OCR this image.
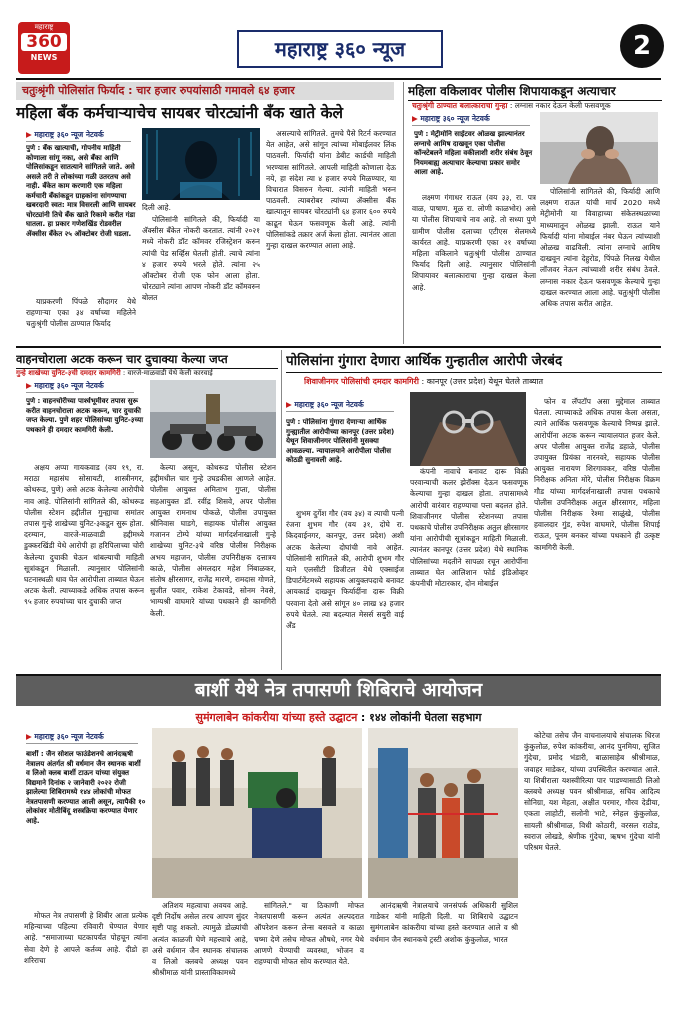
महाराष्ट्र
360
NEWS	महाराष्ट्र ३६० न्यूज	2
चतुःश्रृंगी पोलिसांत फिर्याद : चार हजार रुपयांसाठी गमावले ६४ हजार
महिला बँक कर्मचाऱ्याचेच सायबर चोरट्यांनी बँक खाते केले
▶ महाराष्ट्र ३६० न्यूज नेटवर्क
पुणे : बँक खात्याची, गोपनीय माहिती कोणाला सांगू नका, असे बँका आणि पोलिसांकडून सातत्याने सांगितले जाते. असे असले तरी ते लोकांच्या गळी उतरतच असे नाही. बँकेत काम करणारी एक महिला कर्मचारी बँकांकडून ग्राहकांना सांगण्याचा खबरदारी स्वत: मात्र विसरली आणि सायबर चोरट्यांनी तिचे बँक खाते रिकामे करीत गंडा घातला. हा प्रकार गणेशखिंड रोडवरील ॲक्सीस बँकेत २५ ऑक्टोबर रोजी घडला.

याप्रकरणी पिंपळे सौदागर येथे राहणाऱ्या एका ३४ वर्षाच्या महिलेने चतुःश्रृंगी पोलीस ठाण्यात फिर्याद

दिली आहे.

पोलिसांनी सांगितले की, फिर्यादी या ॲक्सीस बँकेत नोकरी करतात. त्यांनी २०२१ मध्ये नोकरी डॉट कॉमवर रजिस्ट्रेशन करुन त्यांची पेड सर्व्हिस घेतली होती. त्याचे त्यांना ४ हजार रुपये भरले होते. त्यांना २५ ऑक्टोबर रोजी एक फोन आला होता. चोरट्याने त्यांना आपण नोकरी डॉट कॉमवरुन बोलत

असल्याचे सांगितले. तुमचे पैसे रिटर्न करण्यात येत आहेत, असे सांगून त्यांच्या मोबाईलवर लिंक पाठवली. फिर्यादी यांना डेबीट कार्डची माहिती भरण्यास सांगितले. आपली माहिती कोणाला देऊ नये, हा संदेश त्या ४ हजार रुपये मिळण्यार, या विचारात विसरुन गेल्या. त्यांनी माहिती भरुन पाठवली. त्याबरोबर त्यांच्या ॲक्सीस बँक खात्यातून सायबर चोरट्यांनी ६४ हजार ६०० रुपये काढून घेऊन फसवणूक केली आहे. त्यांनी पोलिसांकडे तक्रार अर्ज केला होता. त्यानंतर आता गुन्हा दाखल करण्यात आला आहे.

महिला वकिलावर पोलीस शिपायाकडून अत्याचार
चतुःश्रृंगी ठाण्यात बलात्काराचा गुन्हा : लग्नास नकार देऊन केली फसवणूक
▶ महाराष्ट्र ३६० न्यूज नेटवर्क
पुणे : मेट्रीमोनि साईटवर ओळख झाल्यानंतर लग्नाचे आमिष दाखवून एका पोलीस कॉन्स्टेबलने महिला वकीलाशी शरीर संबंध ठेवून नियमबाह्य अत्याचार केल्याचा प्रकार समोर आला आहे.

लक्ष्मण गंगाधर राऊत (वय ३३, रा. पत्र वाळ, पाषाण. मूळ रा. लोणी काळभोर) असे या पोलीस शिपायाचे नाव आहे. तो सध्या पुणे ग्रामीण पोलीस दलाच्या एटीएस सेलमध्ये कार्यरत आहे. याप्रकरणी एका २१ वर्षाच्या महिला वकिलाने चतुःश्रृंगी पोलीस ठाण्यात फिर्याद दिली आहे. त्यानुसार पोलिसांनी शिपायावर बलात्काराचा गुन्हा दाखल केला आहे.

पोलिसांनी सांगितले की, फिर्यादी आणि लक्ष्मण राऊत यांची मार्च 2020 मध्ये मेट्रीमोनी या विवाहाच्या संकेतस्थळाच्या माध्यमातून ओळख झाली. राऊत याने फिर्यादी यांना मोबाईल नंबर घेऊन त्यांच्याशी ओळख वाढविली. त्यांना लग्नाचे आमिष दाखवून त्यांना देहुरोड, पिंपळे निलख येथील लॉजवर नेऊन त्यांच्याशी शरीर संबंध ठेवले. लग्नास नकार देऊन फसवणूक केल्याचे गुन्हा दाखल करण्यात आला आहे. चतुःश्रृंगी पोलीस अधिक तपास करीत आहेत.

वाहनचोराला अटक करून चार दुचाक्या केल्या जप्त
गुन्हे शाखेच्या युनिट-३ची दमदार कामगिरी : वारजे-माळवाडी येथे केली कारवाई
▶ महाराष्ट्र ३६० न्यूज नेटवर्क
पुणे : वाहनचोरीच्या पार्श्वभूमीवर तपास सुरू करीत वाहनचोराला अटक करून, चार दुचाकी जप्त केल्या. पुणे शहर पोलिसांच्या युनिट-३च्या पथकाने ही दमदार कामगिरी केली.

अक्षय अप्पा गायकवाड (वय १९, रा. मराठा महासंघ सोसायटी, शास्त्रीनगर, कोथरूड, पुणे) असे अटक केलेल्या आरोपीचे नाव आहे. पोलिसांनी सांगितले की, कोथरूड पोलीस स्टेशन हद्दीतील गुन्ह्याचा समांतर तपास गुन्हे शाखेच्या युनिट-३कडून सुरू होता. दरम्यान, वारजे-माळवाडी हद्दीमध्ये डुक्करखिंडी येथे आरोपी हा हरिपिलाच्या चोरी केलेल्या दुचाकी घेऊन थांबल्याची माहिती सूत्रांकडून मिळाली. त्यानुसार पोलिसांनी घटनास्थळी धाव घेत आरोपीला ताब्यात घेऊन अटक केली. त्याच्याकडे अधिक तपास करून ९५ हजार रुपयांच्या चार दुचाकी जप्त

केल्या असून, कोथरूड पोलीस स्टेशन हद्दीमधील चार गुन्हे उघडकीस आणले आहेत. पोलीस आयुक्त अमिताभ गुप्ता, पोलीस सहआयुक्त डॉ. रवींद्र शिसवे, अपर पोलीस आयुक्त रामनाथ पोकळे, पोलीस उपायुक्त श्रीनिवास घाडगे, सहायक पोलीस आयुक्त गजानन टोम्पे यांच्या मार्गदर्शनाखाली गुन्हे शाखेच्या युनिट-३चे वरिष्ठ पोलीस निरीक्षक अभय महाजन, पोलीस उपनिरीक्षक दत्तात्रय काळे, पोलीस अंमलदार महेश निंबाळकर, संतोष क्षीरसागर, राजेंद्र मारणे, रामदास गोणते, सुजीत पवार, राकेश टेकावडे, सोनम नेवसे, भाग्यश्री वाघमारे यांच्या पथकाने ही कामगिरी केली.

पोलिसांना गुंगारा देणारा आर्थिक गुन्हातील आरोपी जेरबंद
शिवाजीनगर पोलिसांची दमदार कामगिरी : कानपूर (उत्तर प्रदेश) येथून घेतले ताब्यात
▶ महाराष्ट्र ३६० न्यूज नेटवर्क
पुणे : पोलिसांना गुंगारा देणाऱ्या आर्थिक गुन्ह्यातील आरोपीच्या कानपूर (उत्तर प्रदेश) येथून शिवाजीनगर पोलिसांनी मुसक्या आवळल्या. न्यायालयाने आरोपीला पोलीस कोठडी सुनावली आहे.

शुभम दुर्गेश गौर (वय ३४) व त्याची पत्नी रंजना शुभम गौर (वय ३१, दोघे रा. किदवाईनगर, कानपूर, उत्तर प्रदेश) अशी अटक केलेल्या दोघांची नावे आहेत. पोलिसांनी सांगितले की, आरोपी शुभम गौर याने एलसीटी डिजीटल येथे एक्साईज डिपार्टमेंटमध्ये सहायक आयुक्तपदाचे बनावट आयकार्ड दाखवून फिर्यादींना दारू विक्री परवाना देतो असे सांगून ४० लाख ४३ हजार रुपये घेतले. त्या बदल्यात मेसर्स सयुरी वाई ॲंड

कंपनी नावाचे बनावट दारू विक्री परवान्याची कलर झेरॉक्स देऊन फसवणूक केल्याचा गुन्हा दाखल होता. तपासामध्ये आरोपी वारंवार राहण्याचा पत्ता बदलत होते. शिवाजीनगर पोलीस स्टेशनच्या तपास पथकाचे पोलीस उपनिरीक्षक अतुल क्षीरसागर यांना आरोपीची सूत्रांकडून माहिती मिळाली. त्यानंतर कानपूर (उत्तर प्रदेश) येथे स्थानिक पोलिसांच्या मदतीने सापळा रचून आरोपींना ताब्यात घेत आलिशान फोर्ड इंडिओव्हर कंपनीची मोटारकार, दोन मोबाईल

फोन व लॅपटॉप असा मुद्देमाल ताब्यात घेतला. त्याच्याकडे अधिक तपास केला असता, त्याने आर्थिक फसवणूक केल्याचे निष्पन्न झाले. आरोपींना अटक करून न्यायालयात हजर केले. अपर पोलीस आयुक्त राजेंद्र डहाळे, पोलीस उपायुक्त प्रियंका नारनवरे, सहायक पोलीस आयुक्त नारायण शिरगावकर, वरिष्ठ पोलीस निरीक्षक अनिता मोरे, पोलीस निरीक्षक विक्रम गौड यांच्या मार्गदर्शनाखाली तपास पथकाचे पोलीस उपनिरीक्षक अतुल क्षीरसागर, महिला पोलीस निरीक्षक रेश्मा साळुंखे, पोलीस हवालदार गुंड, रुपेश वाघमारे, पोलीस शिपाई राऊत, पूनम बनकर यांच्या पथकाने ही उत्कृष्ट कामगिरी केली.

बार्शी येथे नेत्र तपासणी शिबिराचे आयोजन
सुमंगलाबेन कांकरीया यांच्या हस्ते उद्घाटन : १४४ लोकांनी घेतला सहभाग
▶ महाराष्ट्र ३६० न्यूज नेटवर्क
बार्शी : जैन सोशल फाउंडेशनचे आनंदऋषी नेत्रालय अंतर्गत श्री वर्धमान जैन स्थानक बार्शी व लिओ क्लब बार्शी टाऊन यांच्या संयुक्त विद्यमाने दिनांक २ जानेवारी २०२२ रोजी झालेल्या शिबिरामध्ये १४४ लोकांची मोफत नेत्रतपासणी करण्यात आली असून, त्यापैकी १० लोकांवर मोतीबिंदू शस्त्रक्रिया करण्यात येणार आहे.

मोफत नेत्र तपासणी हे शिबीर आता प्रत्येक महिन्याच्या पहिल्या रविवारी घेण्यात येणार आहे. "समाजाच्या घटकापर्यंत पोहचून त्यांना सेवा देणे हे आपले कर्तव्य आहे. दीडो हा शरिराचा

अतिशय महत्वाचा अवयव आहे. दृष्टी निर्दोष असेल तरच आपण सुंदर सृष्टी पाहू शकतो. त्यामुळे डोळ्यांची अत्यंत काळजी घेणे महत्त्वाचे आहे, असे वर्धमान जैन स्थानक संचालक व लिओ क्लबचे अध्यक्ष पवन श्रीश्रीमाळ यांनी प्रास्ताविकामध्ये

सांगितले." या ठिकाणी मोफत नेत्रतपासणी करून अत्यंत अल्पदरात ऑपरेशन करून लेन्स बसवले व काळा चष्मा देणे तसेच मोफत औषधे, नगर येथे आणणे येण्याची व्यवस्था, भोजन व राहण्याची मोफत सोय करण्यात येते.

आनंदऋषी नेत्रालयाचे जनसंपर्क अधिकारी सुशिल गाडेकर यांनी माहिती दिली. या शिबिराचे उद्घाटन सुमंगलाबेन कांकरीया यांच्या हस्ते करण्यात आले व श्री वर्धमान जैन स्थानकचे ट्रस्टी अशोक कुंकुलोळ, भारत

कोटेचा तसेच जैन वाचनालयाचे संचालक धिरज कुंकुलोळ, रुपेश कांकरीया, आनंद पुनमिया, सुजित गुंदेचा, प्रमोद भंडारी, बाळासाहेब श्रीश्रीमाळ, जवाहर माडेकर, यांच्या उपस्थितीत करण्यात आले. या शिबीराला यशस्वीरित्या पार पाडण्यासाठी लिओ क्लबचे अध्यक्ष पवन श्रीश्रीमाळ, सचिव आदित्य सोनिग्रा, यश मेहता, अक्षीत परमार, गौरव देडीया, एकता लाहोटी, सलोनी भाटे, स्नेहल कुंकुलोळ, सायली श्रीश्रीमाळ, विधी कोठारी, वरसल राठोड, स्वराज लोखडे, श्रेणीक गुंदेचा, ऋषभ गुंदेचा यांनी परिश्रम घेतले.
